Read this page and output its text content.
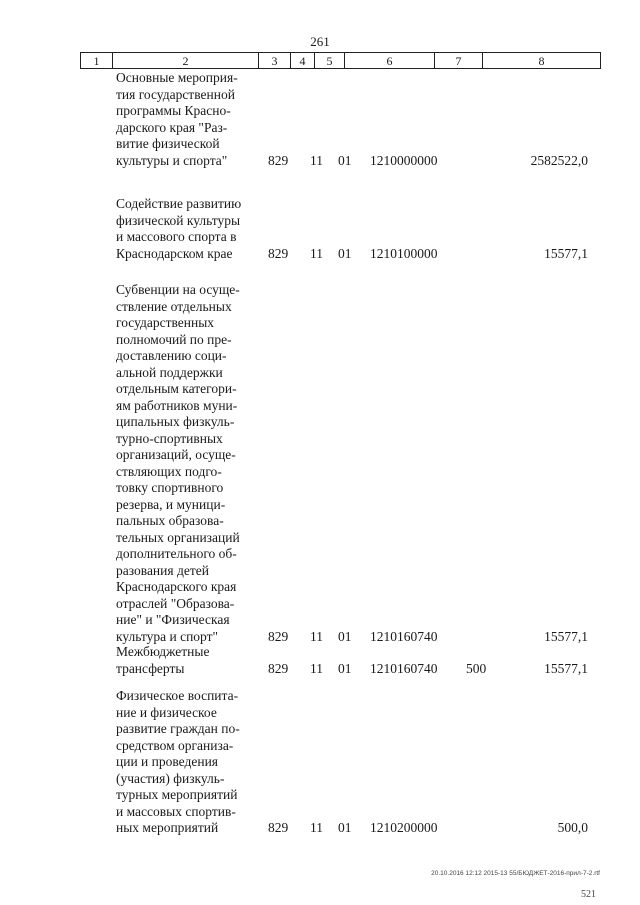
261
1	2	3	4	5	6	7	8
Основные мероприя-
тия государственной
программы Красно-
дарского края "Раз-
витие физической
культуры и спорта"	829 11 01 1210000000	2582522,0
Содействие развитию
физической культуры
и массового спорта в
Краснодарском крае	829 11 01 1210100000	15577,1
Субвенции на осуще-
ствление отдельных
государственных
полномочий по пре-
доставлению соци-
альной поддержки
отдельным категори-
ям работников муни-
ципальных физкуль-
турно-спортивных
организаций, осуще-
ствляющих подго-
товку спортивного
резерва, и муници-
пальных образова-
тельных организаций
дополнительного об-
разования детей
Краснодарского края
отраслей "Образова-
ние" и "Физическая
культура и спорт"	829 11 01 1210160740	15577,1
Межбюджетные
трансферты	829 11 01 1210160740 500	15577,1
Физическое воспита-
ние и физическое
развитие граждан по-
средством организа-
ции и проведения
(участия) физкуль-
турных мероприятий
и массовых спортив-
ных мероприятий	829 11 01 1210200000	500,0
20.10.2016 12:12 2015-13 55/БЮДЖЕТ-2016-прил-7-2.rtf
521
